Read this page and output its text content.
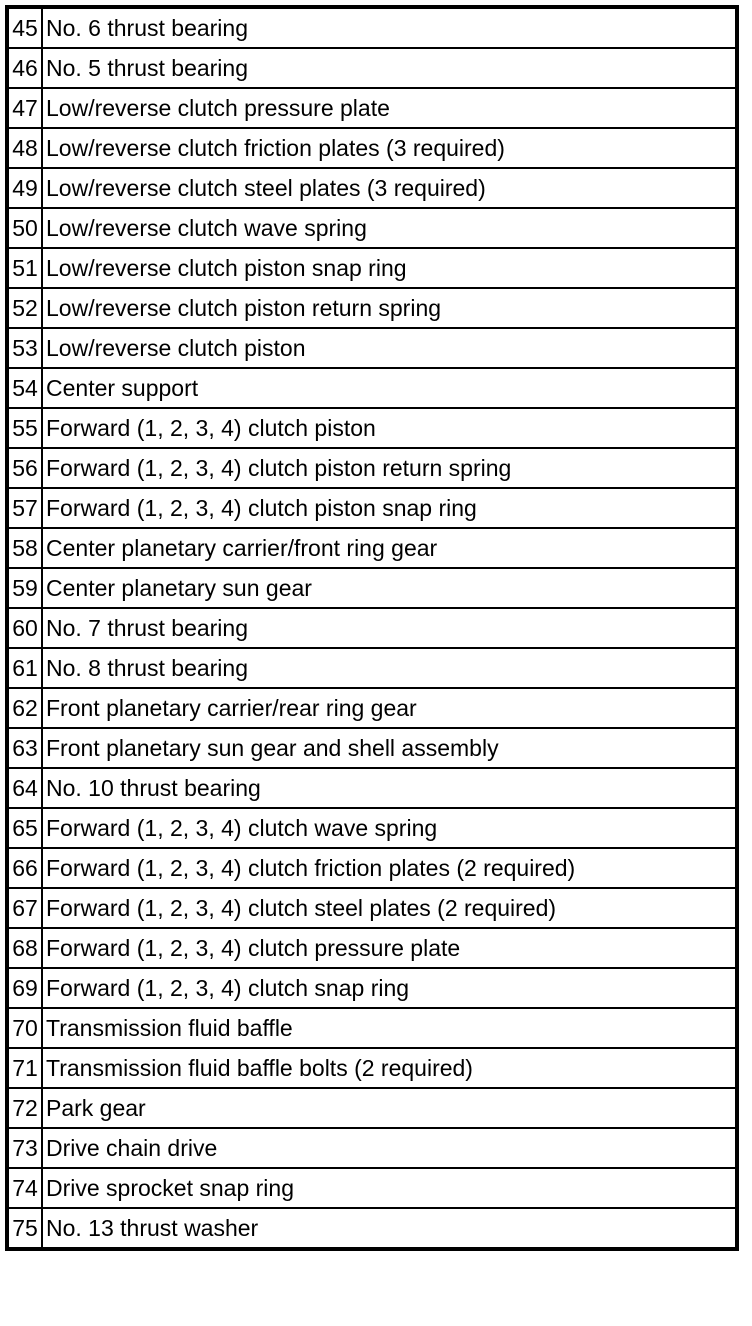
45	No. 6 thrust bearing
46	No. 5 thrust bearing
47	Low/reverse clutch pressure plate
48	Low/reverse clutch friction plates (3 required)
49	Low/reverse clutch steel plates (3 required)
50	Low/reverse clutch wave spring
51	Low/reverse clutch piston snap ring
52	Low/reverse clutch piston return spring
53	Low/reverse clutch piston
54	Center support
55	Forward (1, 2, 3, 4) clutch piston
56	Forward (1, 2, 3, 4) clutch piston return spring
57	Forward (1, 2, 3, 4) clutch piston snap ring
58	Center planetary carrier/front ring gear
59	Center planetary sun gear
60	No. 7 thrust bearing
61	No. 8 thrust bearing
62	Front planetary carrier/rear ring gear
63	Front planetary sun gear and shell assembly
64	No. 10 thrust bearing
65	Forward (1, 2, 3, 4) clutch wave spring
66	Forward (1, 2, 3, 4) clutch friction plates (2 required)
67	Forward (1, 2, 3, 4) clutch steel plates (2 required)
68	Forward (1, 2, 3, 4) clutch pressure plate
69	Forward (1, 2, 3, 4) clutch snap ring
70	Transmission fluid baffle
71	Transmission fluid baffle bolts (2 required)
72	Park gear
73	Drive chain drive
74	Drive sprocket snap ring
75	No. 13 thrust washer
